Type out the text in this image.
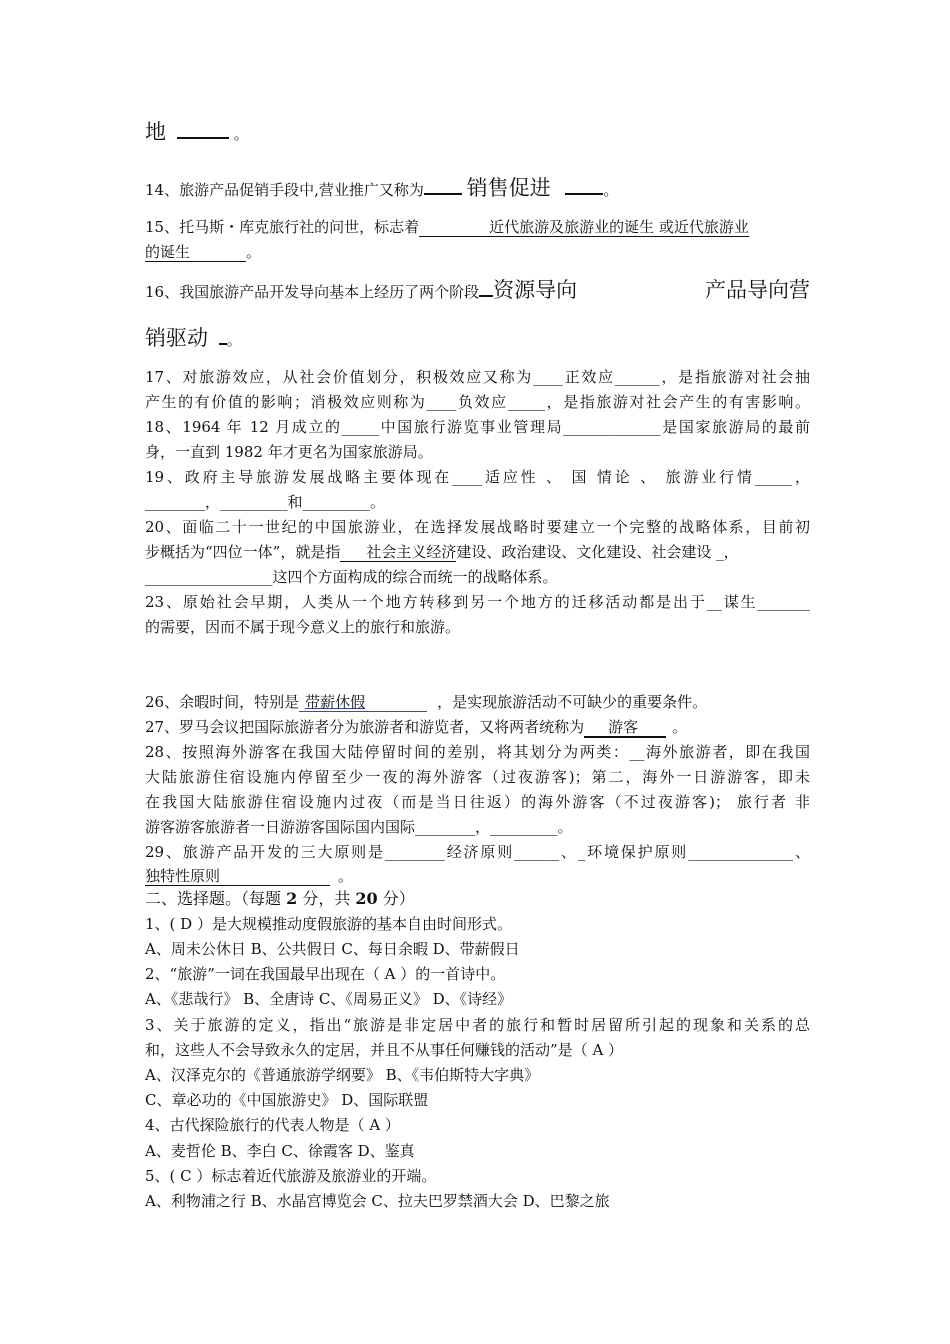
地	。
14、旅游产品促销手段中,营业推广又称为 销售促进	。
15、托马斯・库克旅行社的问世，标志着	近代旅游及旅游业的诞生 或近代旅游业
的诞生	。
16、我国旅游产品开发导向基本上经历了两个阶段 资源导向	产品导向营
销驱动 。
17、对旅游效应，从社会价值划分，积极效应又称为____正效应______，是指旅游对社会抽
产生的有价值的影响；消极效应则称为____负效应_____，是指旅游对社会产生的有害影响。
18、1964 年 12 月成立的_____中国旅行游览事业管理局_____________是国家旅游局的最前
身，一直到 1982 年才更名为国家旅游局。
19、政府主导旅游发展战略主要体现在____适应性 、 国 情论 、 旅游业行情_____，
________，_________和_________。
20、面临二十一世纪的中国旅游业，在选择发展战略时要建立一个完整的战略体系，目前初
步概括为“四位一体”，就是指 社会主义经济建设、政治建设、文化建设、社会建设 _，
_________________这四个方面构成的综合而统一的战略体系。
23、原始社会早期，人类从一个地方转移到另一个地方的迁移活动都是出于__谋生_______
的需要，因而不属于现今意义上的旅行和旅游。
26、余暇时间，特别是 带薪休假	，是实现旅游活动不可缺少的重要条件。
27、罗马会议把国际旅游者分为旅游者和游览者，又将两者统称为 游客 。
28、按照海外游客在我国大陆停留时间的差别，将其划分为两类：__海外旅游者，即在我国
大陆旅游住宿设施内停留至少一夜的海外游客（过夜游客)；第二，海外一日游游客，即未
在我国大陆旅游住宿设施内过夜（而是当日往返）的海外游客（不过夜游客)； 旅行者 非
游客游客旅游者一日游游客国际国内国际________，_________。
29、旅游产品开发的三大原则是________经济原则______、_环境保护原则______________、
独特性原则	。
二、选择题。（每题 2 分，共 20 分）
1、( D ）是大规模推动度假旅游的基本自由时间形式。
A、周未公休日 B、公共假日 C、每日余暇 D、带薪假日
2、“旅游”一词在我国最早出现在（ A ）的一首诗中。
A、《悲哉行》 B、全唐诗 C、《周易正义》 D、《诗经》
3、关于旅游的定义，指出“旅游是非定居中者的旅行和暂时居留所引起的现象和关系的总
和，这些人不会导致永久的定居，并且不从事任何赚钱的活动”是（ A ）
A、汉泽克尔的《普通旅游学纲要》 B、《韦伯斯特大字典》
C、章必功的《中国旅游史》 D、国际联盟
4、古代探险旅行的代表人物是（ A ）
A、麦哲伦 B、李白 C、徐霞客 D、鉴真
5、( C ）标志着近代旅游及旅游业的开端。
A、利物浦之行 B、水晶宫博览会 C、拉夫巴罗禁酒大会 D、巴黎之旅
